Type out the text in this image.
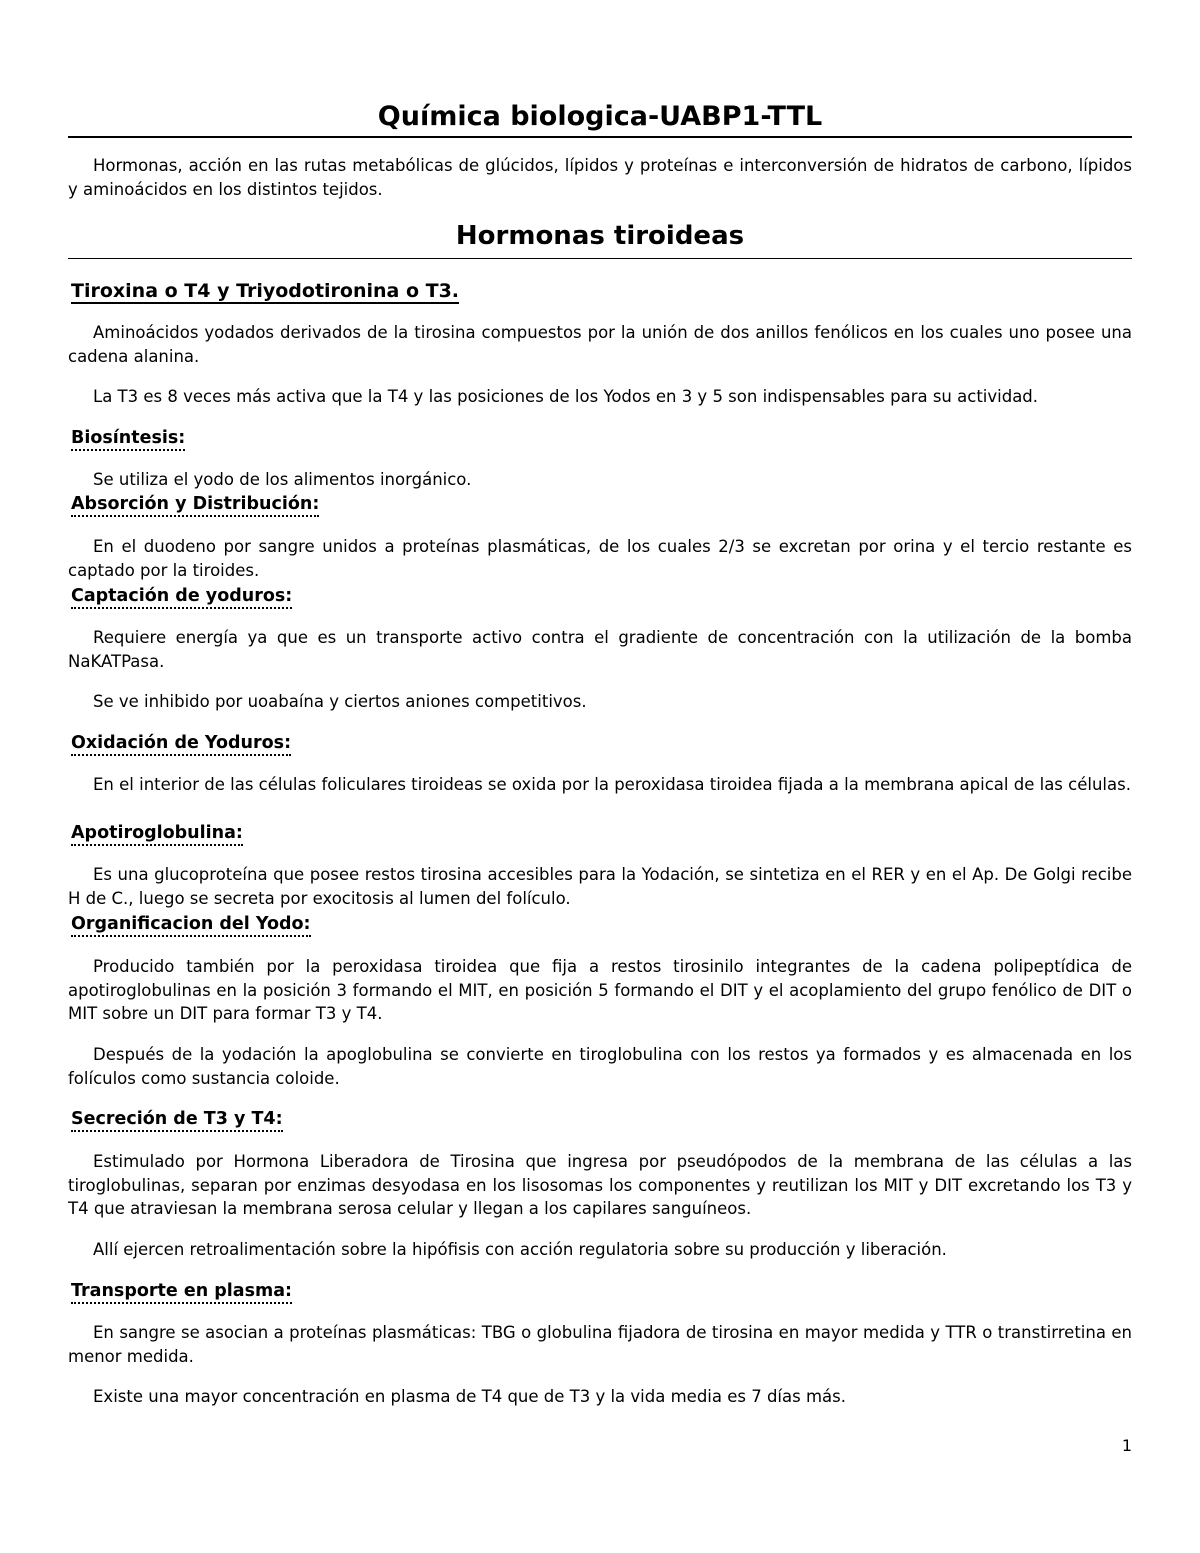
Química biologica-UABP1-TTL
Hormonas, acción en las rutas metabólicas de glúcidos, lípidos y proteínas e interconversión de hidratos de carbono, lípidos y aminoácidos en los distintos tejidos.
Hormonas tiroideas
Tiroxina o T4 y Triyodotironina o T3.
Aminoácidos yodados derivados de la tirosina compuestos por la unión de dos anillos fenólicos en los cuales uno posee una cadena alanina.
La T3 es 8 veces más activa que la T4 y las posiciones de los Yodos en 3 y 5 son indispensables para su actividad.
Biosíntesis:
Se utiliza el yodo de los alimentos inorgánico.
Absorción y Distribución:
En el duodeno por sangre unidos a proteínas plasmáticas, de los cuales 2/3 se excretan por orina y el tercio restante es captado por la tiroides.
Captación de yoduros:
Requiere energía ya que es un transporte activo contra el gradiente de concentración con la utilización de la bomba NaKATPasa.
Se ve inhibido por uoabaína y ciertos aniones competitivos.
Oxidación de Yoduros:
En el interior de las células foliculares tiroideas se oxida por la peroxidasa tiroidea fijada a la membrana apical de las células.
Apotiroglobulina:
Es una glucoproteína que posee restos tirosina accesibles para la Yodación, se sintetiza en el RER y en el Ap. De Golgi recibe H de C., luego se secreta por exocitosis al lumen del folículo.
Organificacion del Yodo:
Producido también por la peroxidasa tiroidea que fija a restos tirosinilo integrantes de la cadena polipeptídica de apotiroglobulinas en la posición 3 formando el MIT, en posición 5 formando el DIT y el acoplamiento del grupo fenólico de DIT o MIT sobre un DIT para formar T3 y T4.
Después de la yodación la apoglobulina se convierte en tiroglobulina con los restos ya formados y es almacenada en los folículos como sustancia coloide.
Secreción de T3 y T4:
Estimulado por Hormona Liberadora de Tirosina que ingresa por pseudópodos de la membrana de las células a las tiroglobulinas, separan por enzimas desyodasa en los lisosomas los componentes y reutilizan los MIT y DIT excretando los T3 y T4 que atraviesan la membrana serosa celular y llegan a los capilares sanguíneos.
Allí ejercen retroalimentación sobre la hipófisis con acción regulatoria sobre su producción y liberación.
Transporte en plasma:
En sangre se asocian a proteínas plasmáticas: TBG o globulina fijadora de tirosina en mayor medida y TTR o transtirretina en menor medida.
Existe una mayor concentración en plasma de T4 que de T3 y la vida media es 7 días más.
1
